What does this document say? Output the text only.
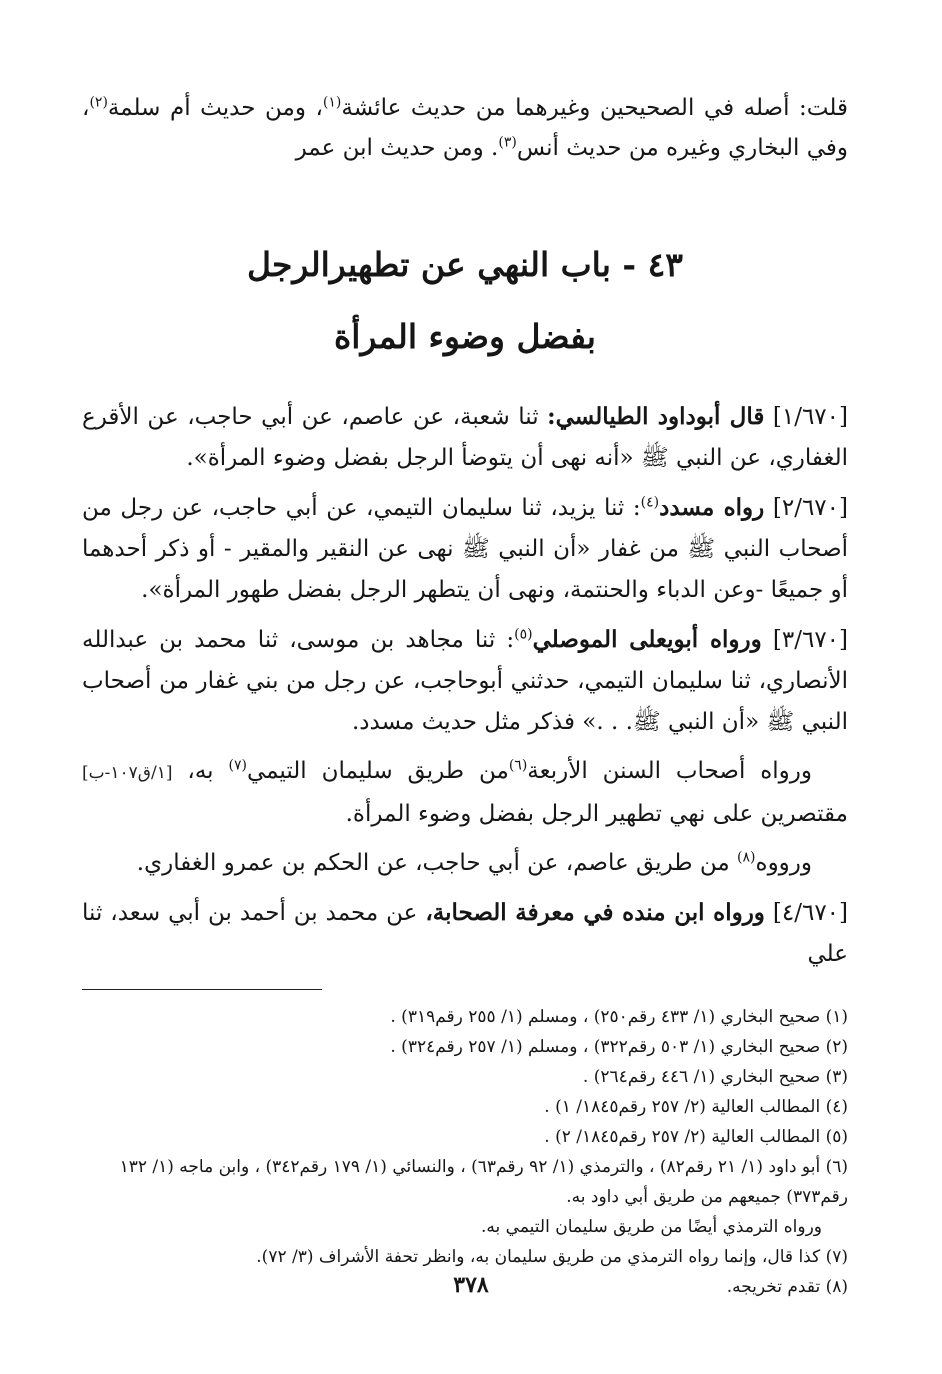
قلت: أصله في الصحيحين وغيرهما من حديث عائشة$^{(١)}$، ومن حديث أم سلمة$^{(٢)}$، وفي البخاري وغيره من حديث أنس$^{(٣)}$. ومن حديث ابن عمر

٤٣ - باب النهي عن تطهيرالرجل
بفضل وضوء المرأة

[١/٦٧٠] قال أبوداود الطيالسي: ثنا شعبة، عن عاصم، عن أبي حاجب، عن الأقرع الغفاري، عن النبي ﷺ «أنه نهى أن يتوضأ الرجل بفضل وضوء المرأة».

[٢/٦٧٠] رواه مسدد$^{(٤)}$: ثنا يزيد، ثنا سليمان التيمي، عن أبي حاجب، عن رجل من أصحاب النبي ﷺ من غفار «أن النبي ﷺ نهى عن النقير والمقير - أو ذكر أحدهما أو جميعًا -وعن الدباء والحنتمة، ونهى أن يتطهر الرجل بفضل طهور المرأة».

[٣/٦٧٠] ورواه أبويعلى الموصلي$^{(٥)}$: ثنا مجاهد بن موسى، ثنا محمد بن عبدالله الأنصاري، ثنا سليمان التيمي، حدثني أبوحاجب، عن رجل من بني غفار من أصحاب النبي ﷺ «أن النبي ﷺ. . .» فذكر مثل حديث مسدد.

ورواه أصحاب السنن الأربعة$^{(٦)}$من طريق سليمان التيمي$^{(٧)}$ به، [١/ق١٠٧-ب] مقتصرين على نهي تطهير الرجل بفضل وضوء المرأة.

ورووه$^{(٨)}$ من طريق عاصم، عن أبي حاجب، عن الحكم بن عمرو الغفاري.

[٤/٦٧٠] ورواه ابن منده في معرفة الصحابة، عن محمد بن أحمد بن أبي سعد، ثنا علي

(١) صحيح البخاري (١/ ٤٣٣ رقم٢٥٠) ، ومسلم (١/ ٢٥٥ رقم٣١٩) .
(٢) صحيح البخاري (١/ ٥٠٣ رقم٣٢٢) ، ومسلم (١/ ٢٥٧ رقم٣٢٤) .
(٣) صحيح البخاري (١/ ٤٤٦ رقم٢٦٤) .
(٤) المطالب العالية (٢/ ٢٥٧ رقم١٨٤٥/ ١) .
(٥) المطالب العالية (٢/ ٢٥٧ رقم١٨٤٥/ ٢) .
(٦) أبو داود (١/ ٢١ رقم٨٢) ، والترمذي (١/ ٩٢ رقم٦٣) ، والنسائي (١/ ١٧٩ رقم٣٤٢) ، وابن ماجه (١/ ١٣٢ رقم٣٧٣) جميعهم من طريق أبي داود به.
ورواه الترمذي أيضًا من طريق سليمان التيمي به.
(٧) كذا قال، وإنما رواه الترمذي من طريق سليمان به، وانظر تحفة الأشراف (٣/ ٧٢).
(٨) تقدم تخريجه.
٣٧٨
